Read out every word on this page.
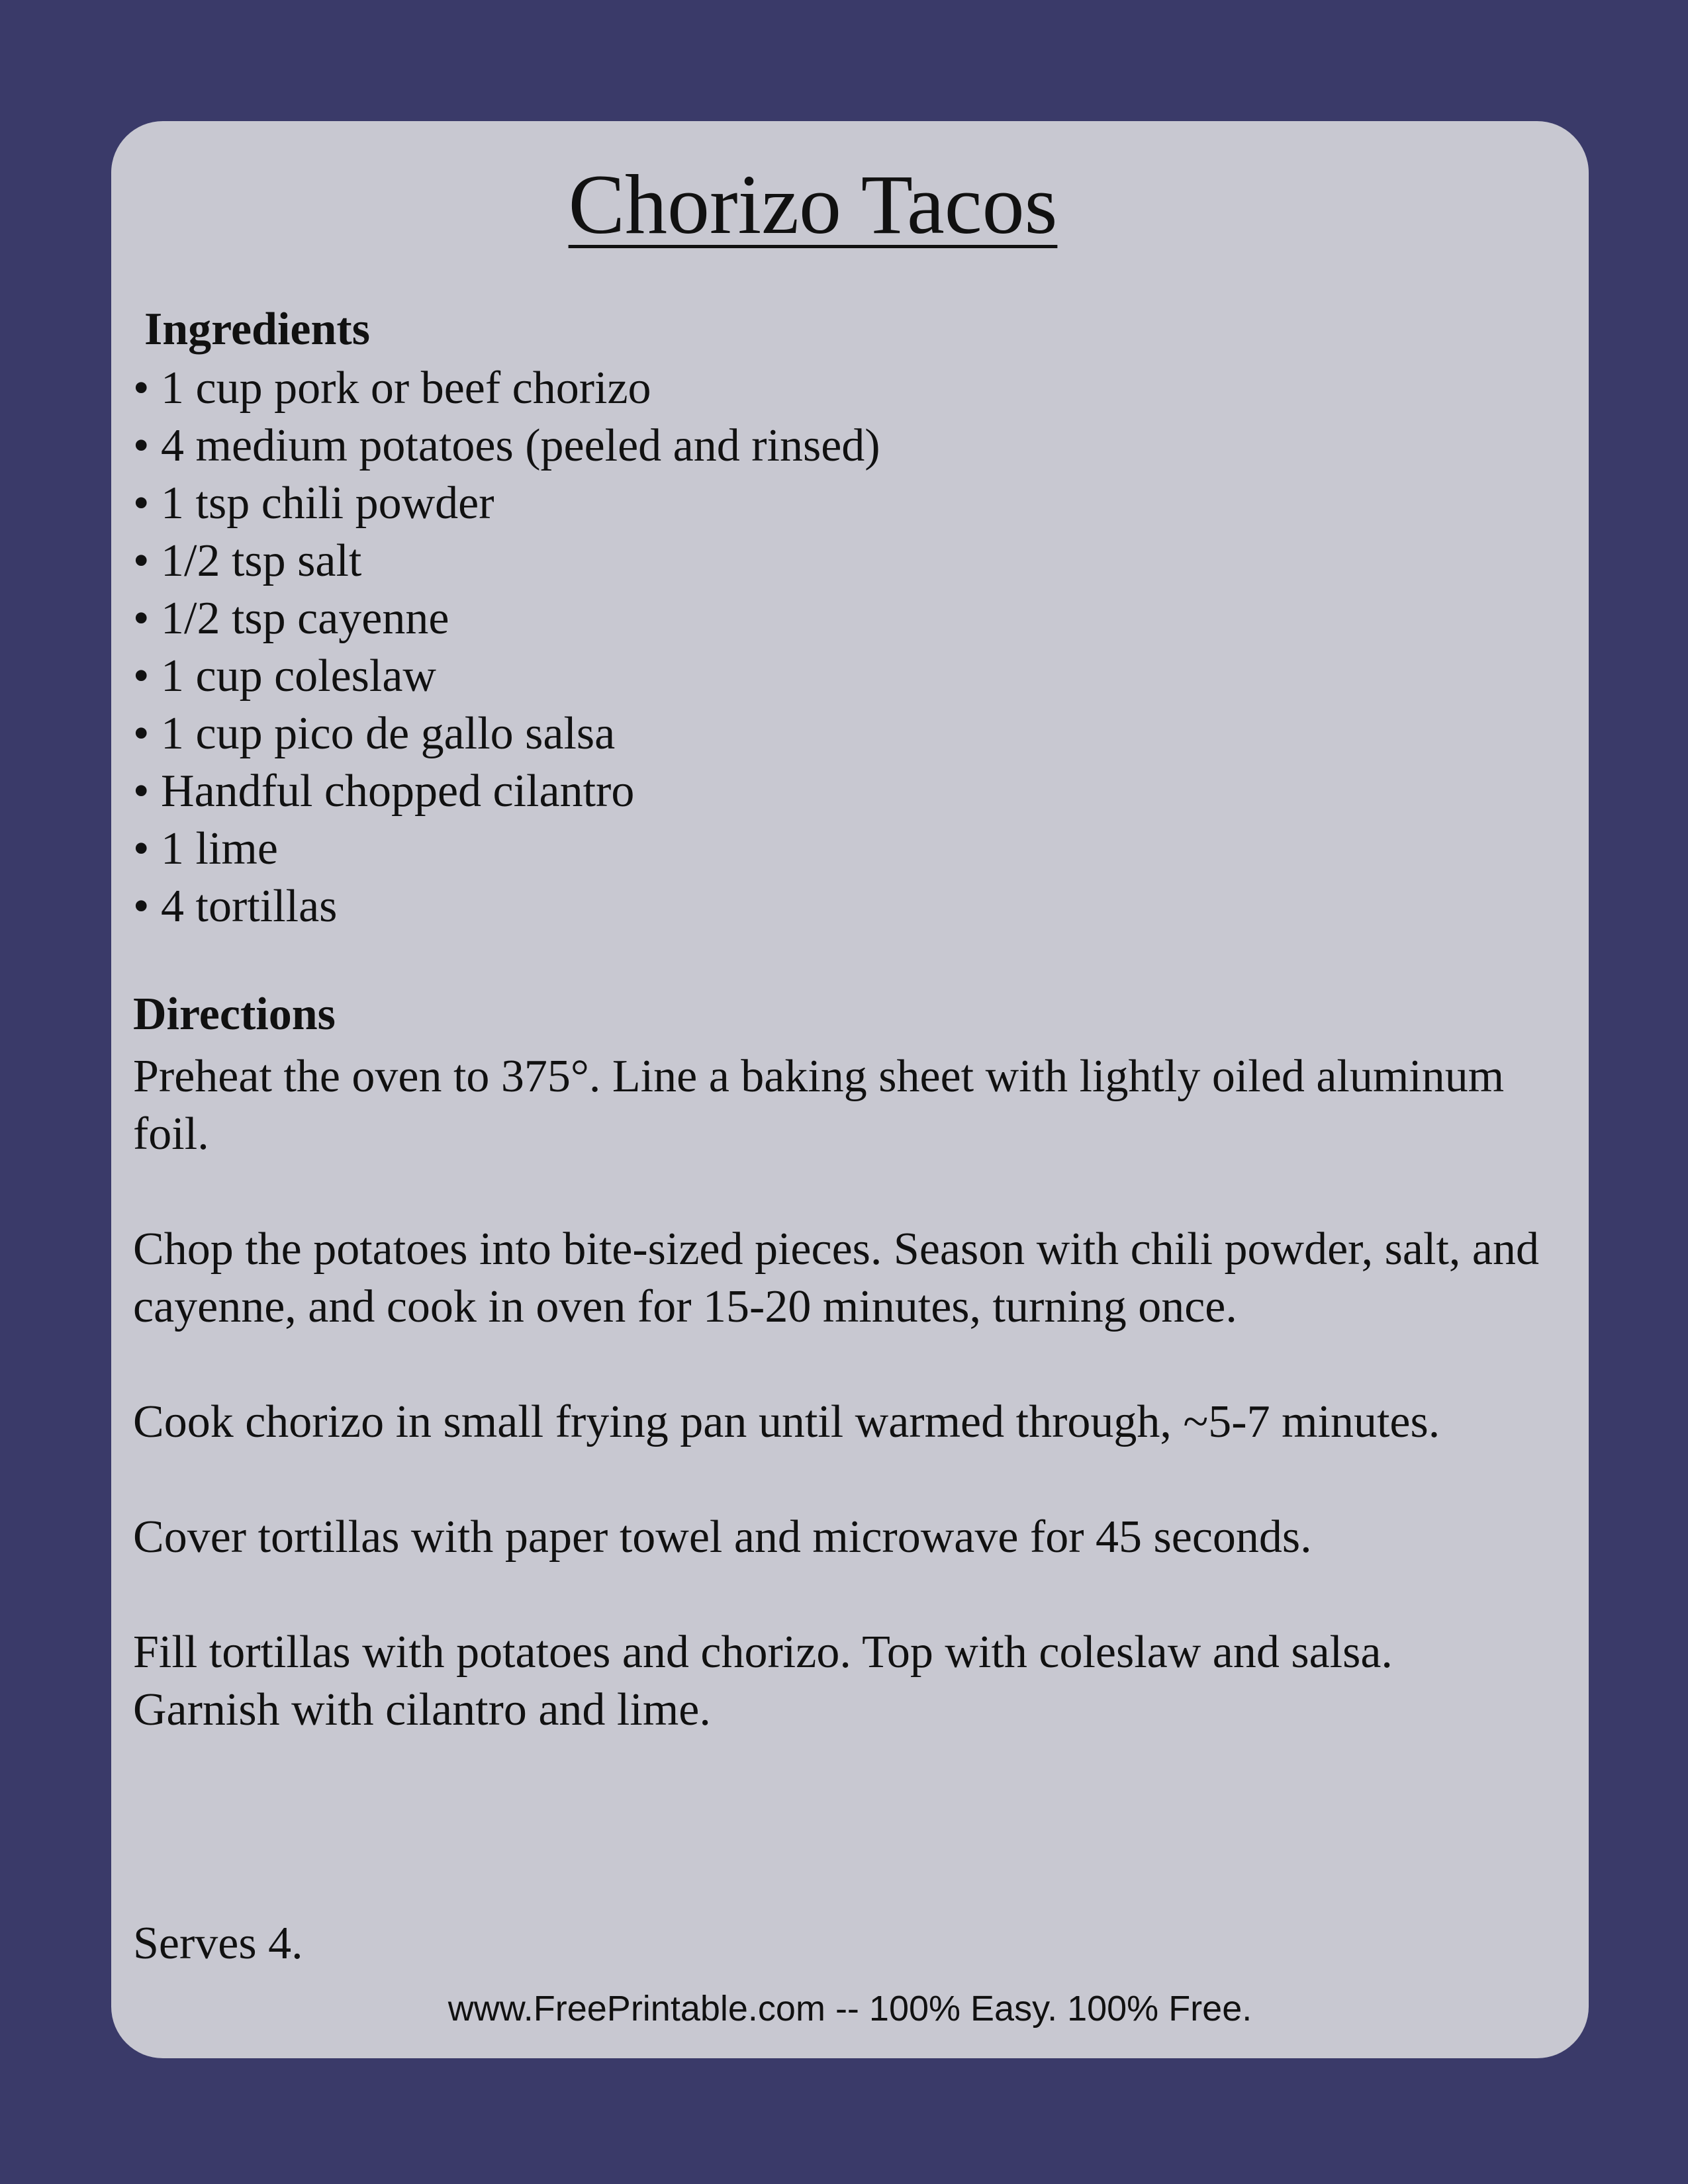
Chorizo Tacos
Ingredients
• 1 cup pork or beef chorizo
• 4 medium potatoes (peeled and rinsed)
• 1 tsp chili powder
• 1/2 tsp salt
• 1/2 tsp cayenne
• 1 cup coleslaw
• 1 cup pico de gallo salsa
• Handful chopped cilantro
• 1 lime
• 4 tortillas
Directions

Preheat the oven to 375°. Line a baking sheet with lightly oiled aluminum foil.

Chop the potatoes into bite-sized pieces. Season with chili powder, salt, and cayenne, and cook in oven for 15-20 minutes, turning once.

Cook chorizo in small frying pan until warmed through, ~5-7 minutes.

Cover tortillas with paper towel and microwave for 45 seconds.

Fill tortillas with potatoes and chorizo. Top with coleslaw and salsa. Garnish with cilantro and lime.

Serves 4.

www.FreePrintable.com -- 100% Easy. 100% Free.
